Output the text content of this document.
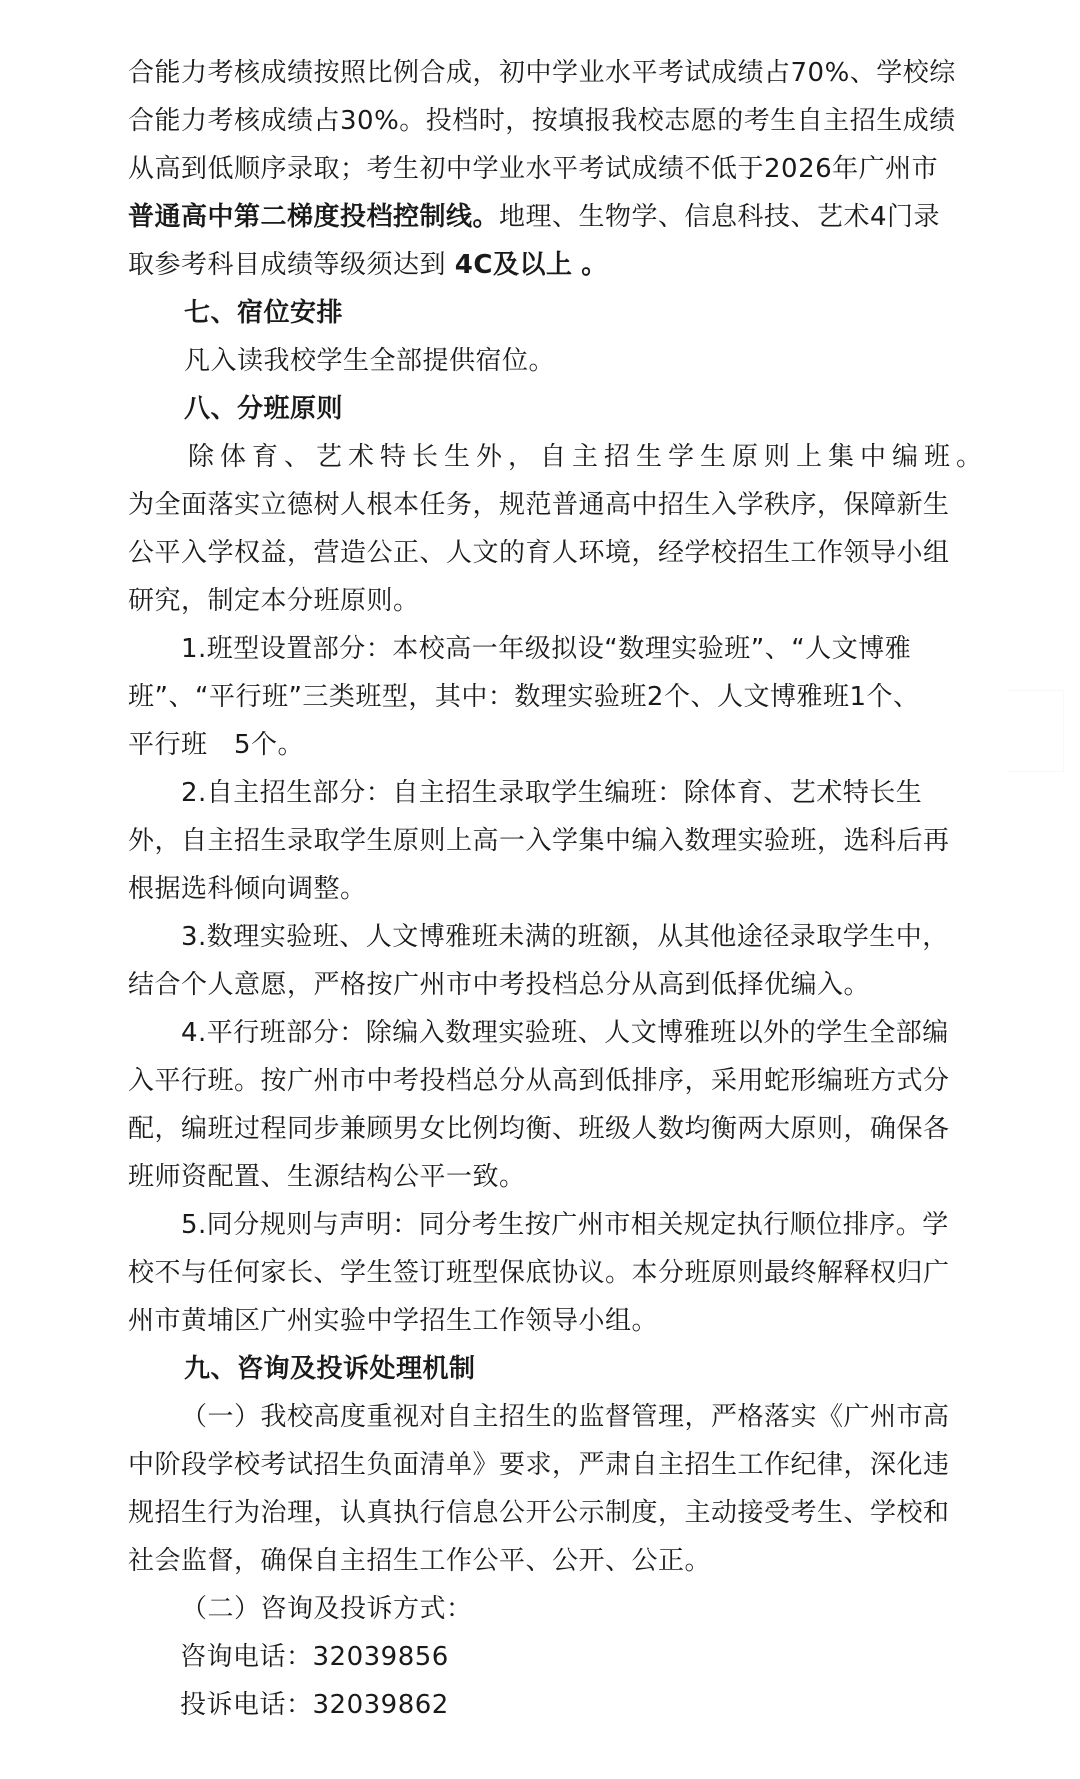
合能力考核成绩按照比例合成，初中学业水平考试成绩占70%、学校综
合能力考核成绩占30%。投档时，按填报我校志愿的考生自主招生成绩
从高到低顺序录取；考生初中学业水平考试成绩不低于2026年广州市
普通高中第二梯度投档控制线。地理、生物学、信息科技、艺术4门录
取参考科目成绩等级须达到 4C及以上 。
七、宿位安排
凡入读我校学生全部提供宿位。
八、分班原则
除体育、艺术特长生外，自主招生学生原则上集中编班。
为全面落实立德树人根本任务，规范普通高中招生入学秩序，保障新生
公平入学权益，营造公正、人文的育人环境，经学校招生工作领导小组
研究，制定本分班原则。
1.班型设置部分：本校高一年级拟设“数理实验班”、“人文博雅
班”、“平行班”三类班型，其中：数理实验班2个、人文博雅班1个、
平行班　5个。
2.自主招生部分：自主招生录取学生编班：除体育、艺术特长生
外，自主招生录取学生原则上高一入学集中编入数理实验班，选科后再
根据选科倾向调整。
3.数理实验班、人文博雅班未满的班额，从其他途径录取学生中，
结合个人意愿，严格按广州市中考投档总分从高到低择优编入。
4.平行班部分：除编入数理实验班、人文博雅班以外的学生全部编
入平行班。按广州市中考投档总分从高到低排序，采用蛇形编班方式分
配，编班过程同步兼顾男女比例均衡、班级人数均衡两大原则，确保各
班师资配置、生源结构公平一致。
5.同分规则与声明：同分考生按广州市相关规定执行顺位排序。学
校不与任何家长、学生签订班型保底协议。本分班原则最终解释权归广
州市黄埔区广州实验中学招生工作领导小组。
九、咨询及投诉处理机制
（一）我校高度重视对自主招生的监督管理，严格落实《广州市高
中阶段学校考试招生负面清单》要求，严肃自主招生工作纪律，深化违
规招生行为治理，认真执行信息公开公示制度，主动接受考生、学校和
社会监督，确保自主招生工作公平、公开、公正。
（二）咨询及投诉方式：
咨询电话：32039856
投诉电话：32039862
